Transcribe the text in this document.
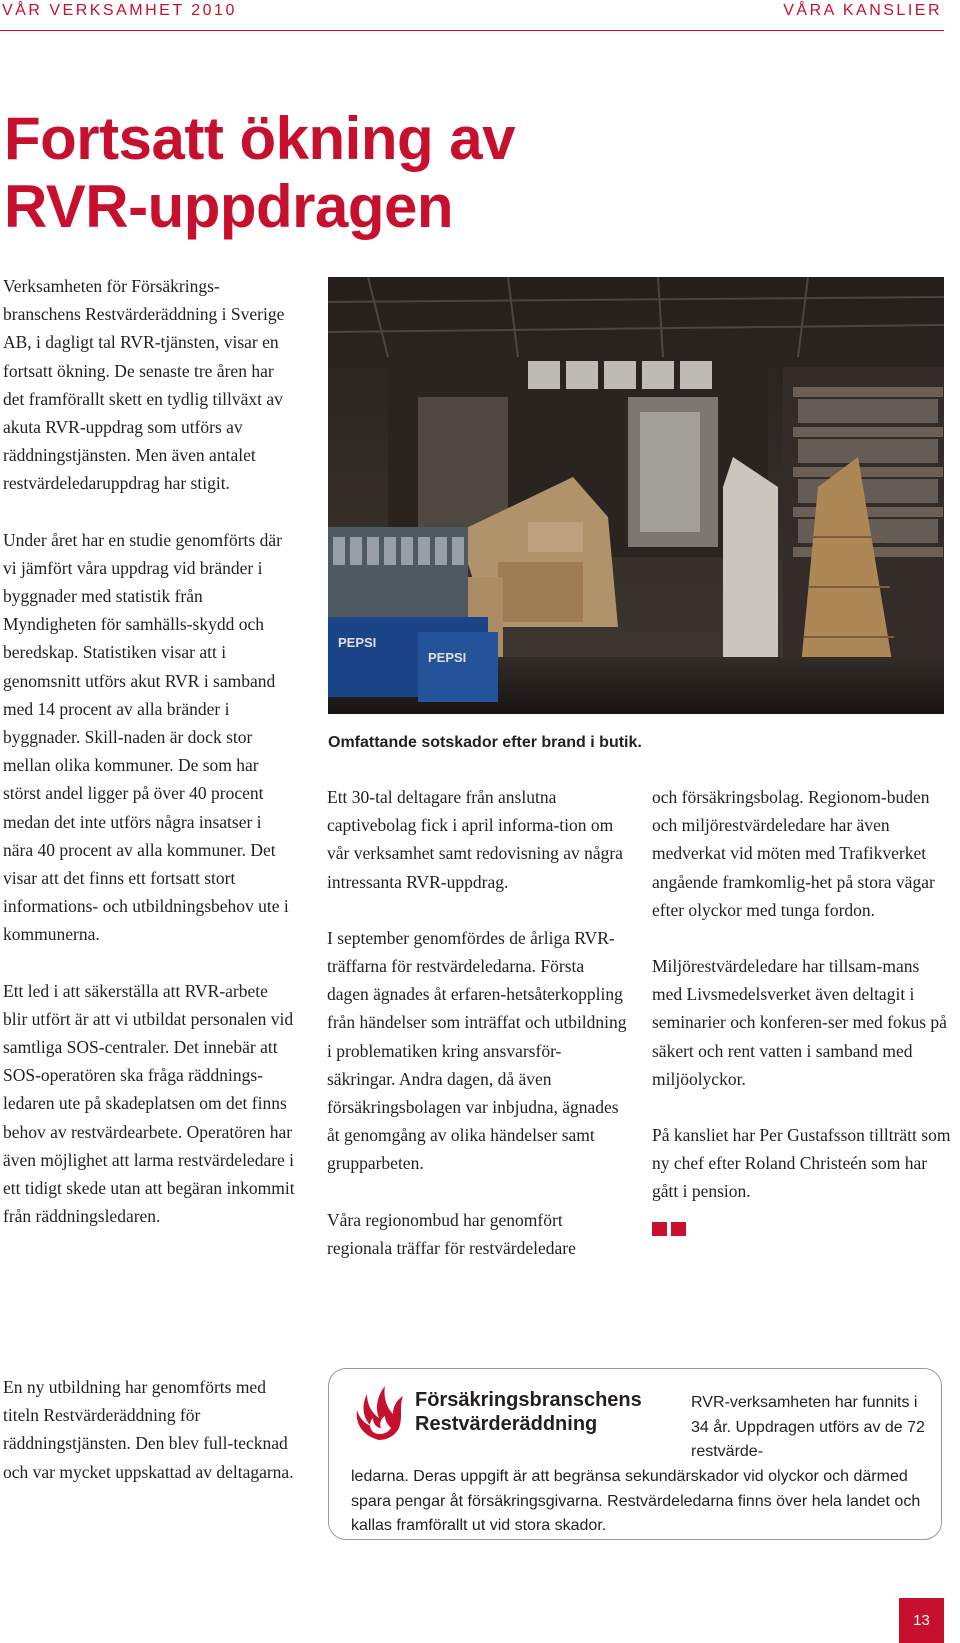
VÅR VERKSAMHET 2010	VÅRA KANSLIER
Fortsatt ökning av
RVR-uppdragen

Verksamheten för Försäkrings-branschens Restvärderäddning i Sverige AB, i dagligt tal RVR-tjänsten, visar en fortsatt ökning. De senaste tre åren har det framförallt skett en tydlig tillväxt av akuta RVR-uppdrag som utförs av räddningstjänsten. Men även antalet restvärdeledaruppdrag har stigit.

Under året har en studie genomförts där vi jämfört våra uppdrag vid bränder i byggnader med statistik från Myndigheten för samhälls-skydd och beredskap. Statistiken visar att i genomsnitt utförs akut RVR i samband med 14 procent av alla bränder i byggnader. Skill-naden är dock stor mellan olika kommuner. De som har störst andel ligger på över 40 procent medan det inte utförs några insatser i nära 40 procent av alla kommuner. Det visar att det finns ett fortsatt stort informations- och utbildningsbehov ute i kommunerna.

Ett led i att säkerställa att RVR-arbete blir utfört är att vi utbildat personalen vid samtliga SOS-centraler. Det innebär att SOS-operatören ska fråga räddnings-ledaren ute på skadeplatsen om det finns behov av restvärdearbete. Operatören har även möjlighet att larma restvärdeledare i ett tidigt skede utan att begäran inkommit från räddningsledaren.

En ny utbildning har genomförts med titeln Restvärderäddning för räddningstjänsten. Den blev full-tecknad och var mycket uppskattad av deltagarna.

PEPSI
PEPSI
Omfattande sotskador efter brand i butik.

Ett 30-tal deltagare från anslutna captivebolag fick i april informa-tion om vår verksamhet samt redovisning av några intressanta RVR-uppdrag.

I september genomfördes de årliga RVR-träffarna för restvärdeledarna. Första dagen ägnades åt erfaren-hetsåterkoppling från händelser som inträffat och utbildning i problematiken kring ansvarsför-säkringar. Andra dagen, då även försäkringsbolagen var inbjudna, ägnades åt genomgång av olika händelser samt grupparbeten.

Våra regionombud har genomfört regionala träffar för restvärdeledare

och försäkringsbolag. Regionom-buden och miljörestvärdeledare har även medverkat vid möten med Trafikverket angående framkomlig-het på stora vägar efter olyckor med tunga fordon.

Miljörestvärdeledare har tillsam-mans med Livsmedelsverket även deltagit i seminarier och konferen-ser med fokus på säkert och rent vatten i samband med miljöolyckor.

På kansliet har Per Gustafsson tillträtt som ny chef efter Roland Christeén som har gått i pension.

Försäkringsbranschens
Restvärderäddning
RVR-verksamheten har funnits i 34 år. Uppdragen utförs av de 72 restvärde-
ledarna. Deras uppgift är att begränsa sekundärskador vid olyckor och därmed spara pengar åt försäkringsgivarna. Restvärdeledarna finns över hela landet och kallas framförallt ut vid stora skador.
13
